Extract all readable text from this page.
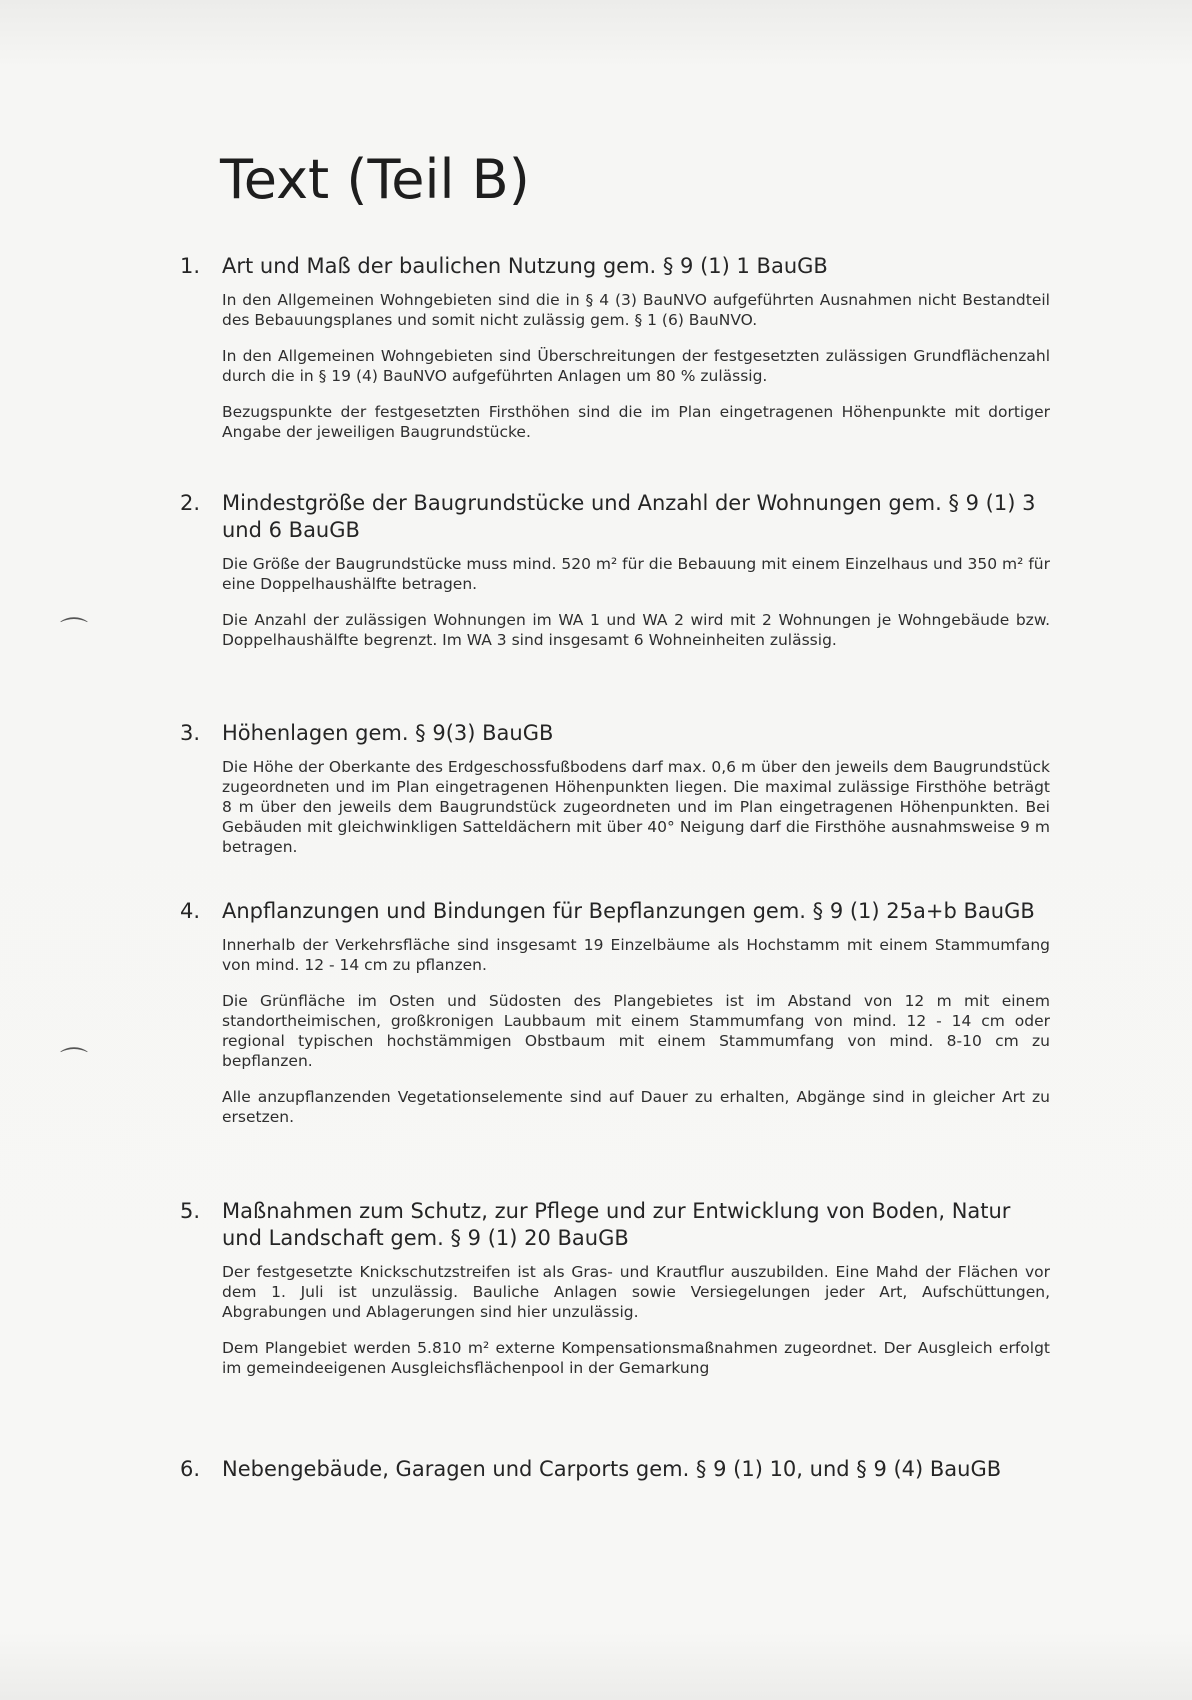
Text (Teil B)
1. Art und Maß der baulichen Nutzung gem. § 9 (1) 1 BauGB

In den Allgemeinen Wohngebieten sind die in § 4 (3) BauNVO aufgeführten Ausnahmen nicht Bestandteil des Bebauungsplanes und somit nicht zulässig gem. § 1 (6) BauNVO.

In den Allgemeinen Wohngebieten sind Überschreitungen der festgesetzten zulässigen Grundflächenzahl durch die in § 19 (4) BauNVO aufgeführten Anlagen um 80 % zulässig.

Bezugspunkte der festgesetzten Firsthöhen sind die im Plan eingetragenen Höhenpunkte mit dortiger Angabe der jeweiligen Baugrundstücke.

2. Mindestgröße der Baugrundstücke und Anzahl der Wohnungen gem. § 9 (1) 3 und 6 BauGB

Die Größe der Baugrundstücke muss mind. 520 m² für die Bebauung mit einem Einzelhaus und 350 m² für eine Doppelhaushälfte betragen.

Die Anzahl der zulässigen Wohnungen im WA 1 und WA 2 wird mit 2 Wohnungen je Wohngebäude bzw. Doppelhaushälfte begrenzt. Im WA 3 sind insgesamt 6 Wohneinheiten zulässig.

3. Höhenlagen gem. § 9(3) BauGB

Die Höhe der Oberkante des Erdgeschossfußbodens darf max. 0,6 m über den jeweils dem Baugrundstück zugeordneten und im Plan eingetragenen Höhenpunkten liegen. Die maximal zulässige Firsthöhe beträgt 8 m über den jeweils dem Baugrundstück zugeordneten und im Plan eingetragenen Höhenpunkten. Bei Gebäuden mit gleichwinkligen Satteldächern mit über 40° Neigung darf die Firsthöhe ausnahmsweise 9 m betragen.

4. Anpflanzungen und Bindungen für Bepflanzungen gem. § 9 (1) 25a+b BauGB

Innerhalb der Verkehrsfläche sind insgesamt 19 Einzelbäume als Hochstamm mit einem Stammumfang von mind. 12 - 14 cm zu pflanzen.

Die Grünfläche im Osten und Südosten des Plangebietes ist im Abstand von 12 m mit einem standortheimischen, großkronigen Laubbaum mit einem Stammumfang von mind. 12 - 14 cm oder regional typischen hochstämmigen Obstbaum mit einem Stammumfang von mind. 8-10 cm zu bepflanzen.

Alle anzupflanzenden Vegetationselemente sind auf Dauer zu erhalten, Abgänge sind in gleicher Art zu ersetzen.

5. Maßnahmen zum Schutz, zur Pflege und zur Entwicklung von Boden, Natur und Landschaft gem. § 9 (1) 20 BauGB

Der festgesetzte Knickschutzstreifen ist als Gras- und Krautflur auszubilden. Eine Mahd der Flächen vor dem 1. Juli ist unzulässig. Bauliche Anlagen sowie Versiegelungen jeder Art, Aufschüttungen, Abgrabungen und Ablagerungen sind hier unzulässig.

Dem Plangebiet werden 5.810 m² externe Kompensationsmaßnahmen zugeordnet. Der Ausgleich erfolgt im gemeindeeigenen Ausgleichsflächenpool in der Gemarkung

6. Nebengebäude, Garagen und Carports gem. § 9 (1) 10, und § 9 (4) BauGB
⌒
⌒
